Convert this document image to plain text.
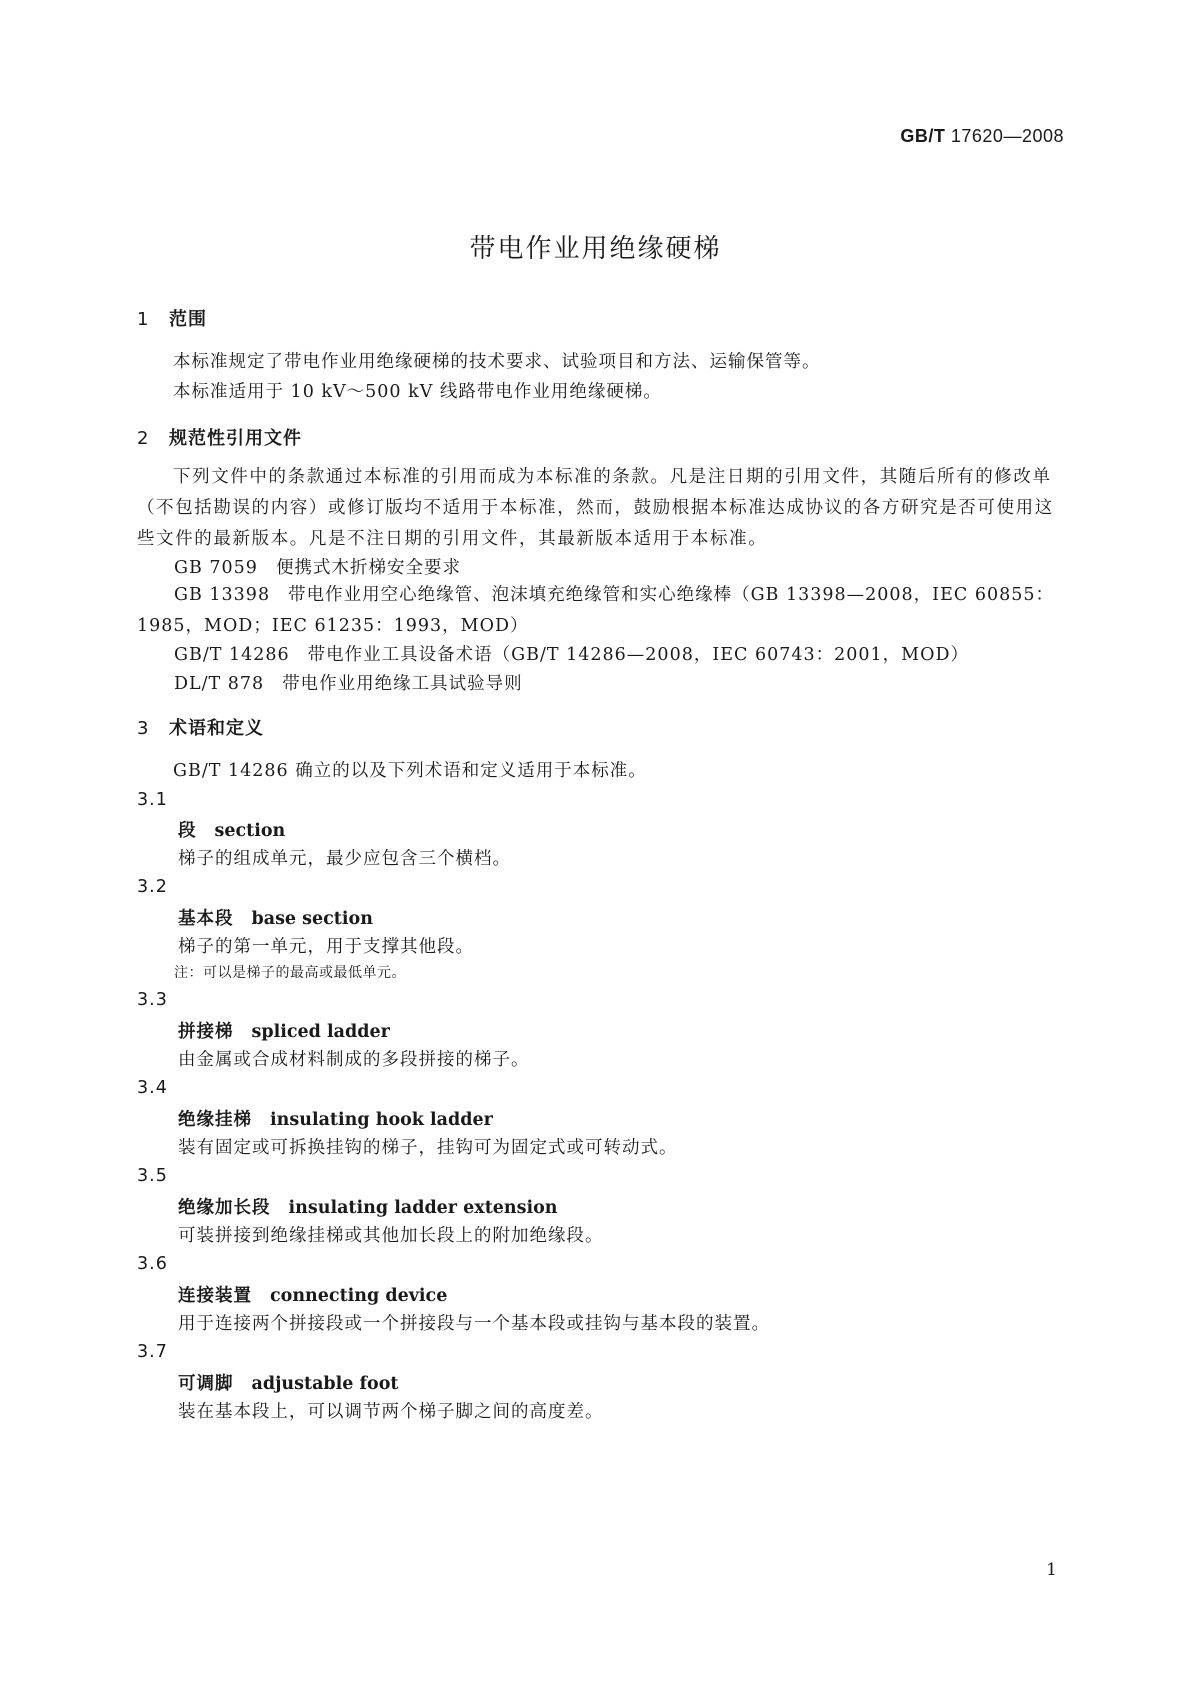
GB/T 17620—2008
带电作业用绝缘硬梯
1 范围
本标准规定了带电作业用绝缘硬梯的技术要求、试验项目和方法、运输保管等。
本标准适用于 10 kV～500 kV 线路带电作业用绝缘硬梯。
2 规范性引用文件
下列文件中的条款通过本标准的引用而成为本标准的条款。凡是注日期的引用文件，其随后所有的修改单（不包括勘误的内容）或修订版均不适用于本标准，然而，鼓励根据本标准达成协议的各方研究是否可使用这些文件的最新版本。凡是不注日期的引用文件，其最新版本适用于本标准。
GB 7059 便携式木折梯安全要求
GB 13398 带电作业用空心绝缘管、泡沫填充绝缘管和实心绝缘棒（GB 13398—2008，IEC 60855：1985，MOD；IEC 61235：1993，MOD）
GB/T 14286 带电作业工具设备术语（GB/T 14286—2008，IEC 60743：2001，MOD）
DL/T 878 带电作业用绝缘工具试验导则
3 术语和定义
GB/T 14286 确立的以及下列术语和定义适用于本标准。
3.1
段 section
梯子的组成单元，最少应包含三个横档。
3.2
基本段 base section
梯子的第一单元，用于支撑其他段。
注：可以是梯子的最高或最低单元。
3.3
拼接梯 spliced ladder
由金属或合成材料制成的多段拼接的梯子。
3.4
绝缘挂梯 insulating hook ladder
装有固定或可拆换挂钩的梯子，挂钩可为固定式或可转动式。
3.5
绝缘加长段 insulating ladder extension
可装拼接到绝缘挂梯或其他加长段上的附加绝缘段。
3.6
连接装置 connecting device
用于连接两个拼接段或一个拼接段与一个基本段或挂钩与基本段的装置。
3.7
可调脚 adjustable foot
装在基本段上，可以调节两个梯子脚之间的高度差。
1
